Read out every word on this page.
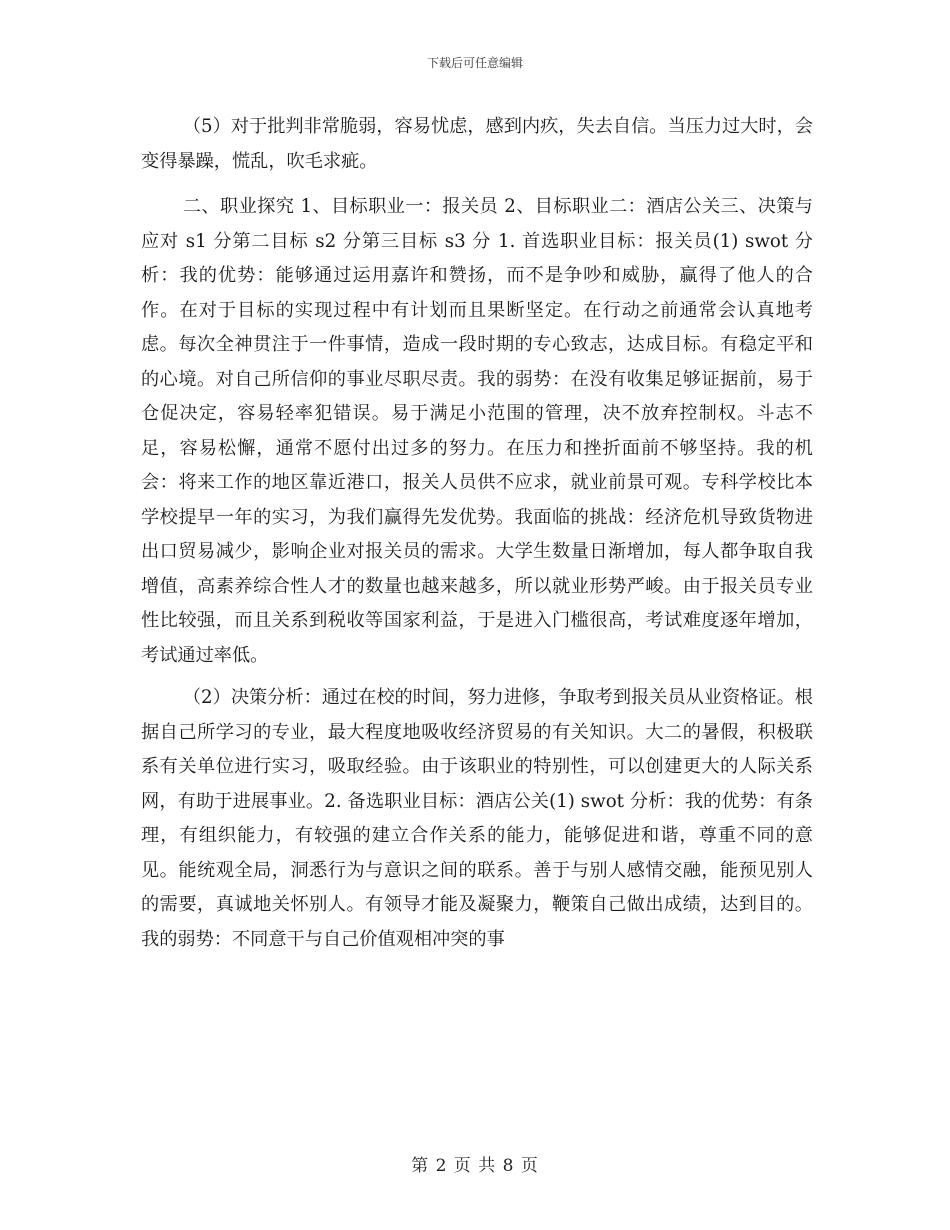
下载后可任意编辑

（5）对于批判非常脆弱，容易忧虑，感到内疚，失去自信。当压力过大时，会变得暴躁，慌乱，吹毛求疵。

二、职业探究 1、目标职业一：报关员 2、目标职业二：酒店公关三、决策与应对 s1 分第二目标 s2 分第三目标 s3 分 1. 首选职业目标：报关员(1) swot 分析：我的优势：能够通过运用嘉许和赞扬，而不是争吵和威胁，赢得了他人的合作。在对于目标的实现过程中有计划而且果断坚定。在行动之前通常会认真地考虑。每次全神贯注于一件事情，造成一段时期的专心致志，达成目标。有稳定平和的心境。对自己所信仰的事业尽职尽责。我的弱势：在没有收集足够证据前，易于仓促决定，容易轻率犯错误。易于满足小范围的管理，决不放弃控制权。斗志不足，容易松懈，通常不愿付出过多的努力。在压力和挫折面前不够坚持。我的机会：将来工作的地区靠近港口，报关人员供不应求，就业前景可观。专科学校比本学校提早一年的实习，为我们赢得先发优势。我面临的挑战：经济危机导致货物进出口贸易减少，影响企业对报关员的需求。大学生数量日渐增加，每人都争取自我增值，高素养综合性人才的数量也越来越多，所以就业形势严峻。由于报关员专业性比较强，而且关系到税收等国家利益，于是进入门槛很高，考试难度逐年增加，考试通过率低。

（2）决策分析：通过在校的时间，努力进修，争取考到报关员从业资格证。根据自己所学习的专业，最大程度地吸收经济贸易的有关知识。大二的暑假，积极联系有关单位进行实习，吸取经验。由于该职业的特别性，可以创建更大的人际关系网，有助于进展事业。2. 备选职业目标：酒店公关(1) swot 分析：我的优势：有条理，有组织能力，有较强的建立合作关系的能力，能够促进和谐，尊重不同的意见。能统观全局，洞悉行为与意识之间的联系。善于与别人感情交融，能预见别人的需要，真诚地关怀别人。有领导才能及凝聚力，鞭策自己做出成绩，达到目的。我的弱势：不同意干与自己价值观相冲突的事

第 2 页 共 8 页
